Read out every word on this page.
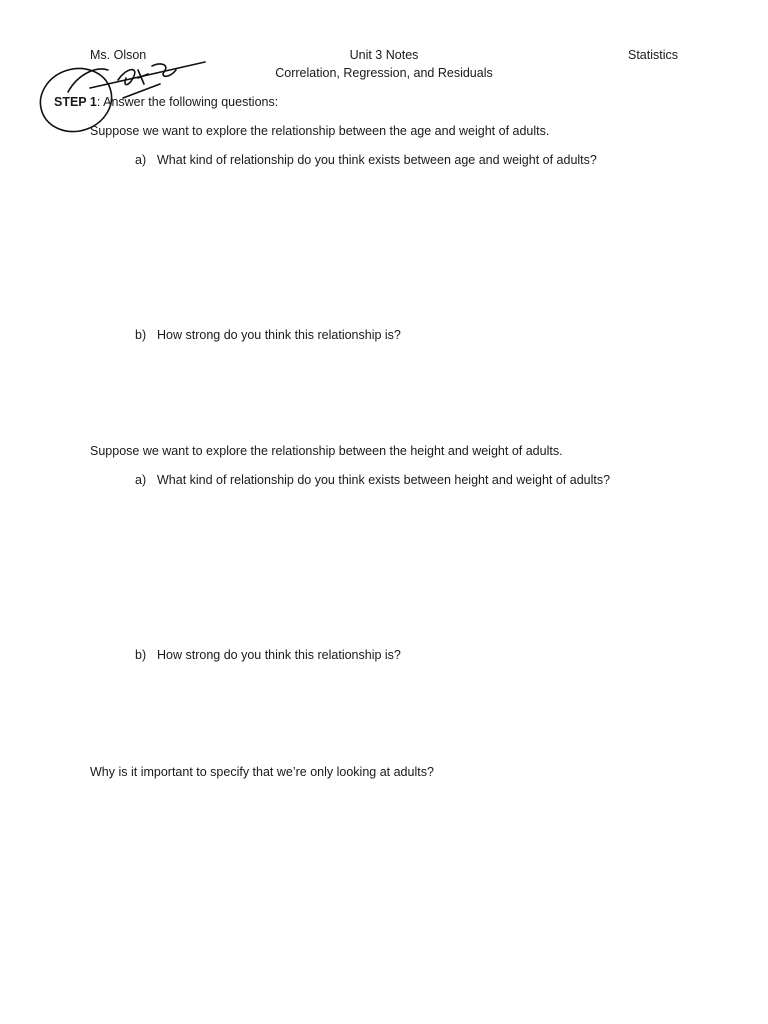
Ms. Olson	Unit 3 Notes
Correlation, Regression, and Residuals
Statistics
STEP 1: Answer the following questions:
Suppose we want to explore the relationship between the age and weight of adults.
a) What kind of relationship do you think exists between age and weight of adults?
b) How strong do you think this relationship is?
Suppose we want to explore the relationship between the height and weight of adults.
a) What kind of relationship do you think exists between height and weight of adults?
b) How strong do you think this relationship is?
Why is it important to specify that we’re only looking at adults?
